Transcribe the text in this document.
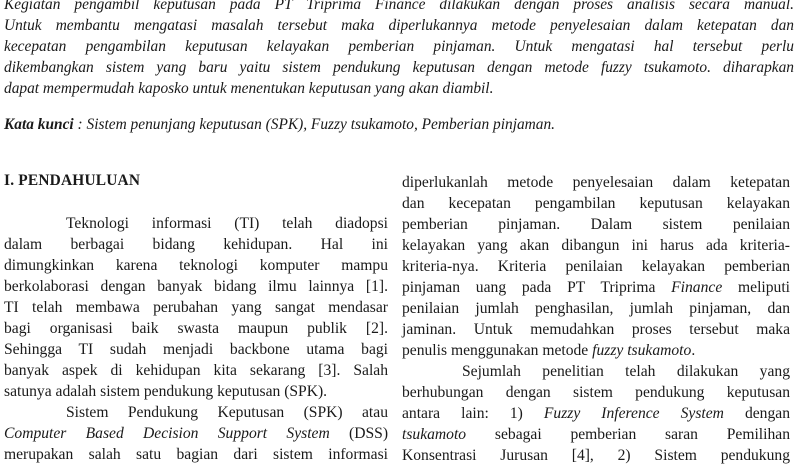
Kegiatan pengambil keputusan pada PT Triprima Finance dilakukan dengan proses analisis secara manual.
Untuk membantu mengatasi masalah tersebut maka diperlukannya metode penyelesaian dalam ketepatan dan
kecepatan pengambilan keputusan kelayakan pemberian pinjaman. Untuk mengatasi hal tersebut perlu
dikembangkan sistem yang baru yaitu sistem pendukung keputusan dengan metode fuzzy tsukamoto. diharapkan
dapat mempermudah kaposko untuk menentukan keputusan yang akan diambil.
Kata kunci : Sistem penunjang keputusan (SPK), Fuzzy tsukamoto, Pemberian pinjaman.
I. PENDAHULUAN
Teknologi informasi (TI) telah diadopsi
dalam berbagai bidang kehidupan. Hal ini
dimungkinkan karena teknologi komputer mampu
berkolaborasi dengan banyak bidang ilmu lainnya [1].
TI telah membawa perubahan yang sangat mendasar
bagi organisasi baik swasta maupun publik [2].
Sehingga TI sudah menjadi backbone utama bagi
banyak aspek di kehidupan kita sekarang [3]. Salah
satunya adalah sistem pendukung keputusan (SPK).
Sistem Pendukung Keputusan (SPK) atau
Computer Based Decision Support System (DSS)
merupakan salah satu bagian dari sistem informasi
diperlukanlah metode penyelesaian dalam ketepatan
dan kecepatan pengambilan keputusan kelayakan
pemberian pinjaman. Dalam sistem penilaian
kelayakan yang akan dibangun ini harus ada kriteria-
kriteria-nya. Kriteria penilaian kelayakan pemberian
pinjaman uang pada PT Triprima Finance meliputi
penilaian jumlah penghasilan, jumlah pinjaman, dan
jaminan. Untuk memudahkan proses tersebut maka
penulis menggunakan metode fuzzy tsukamoto.
Sejumlah penelitian telah dilakukan yang
berhubungan dengan sistem pendukung keputusan
antara lain: 1) Fuzzy Inference System dengan
tsukamoto sebagai pemberian saran Pemilihan
Konsentrasi Jurusan [4], 2) Sistem pendukung
